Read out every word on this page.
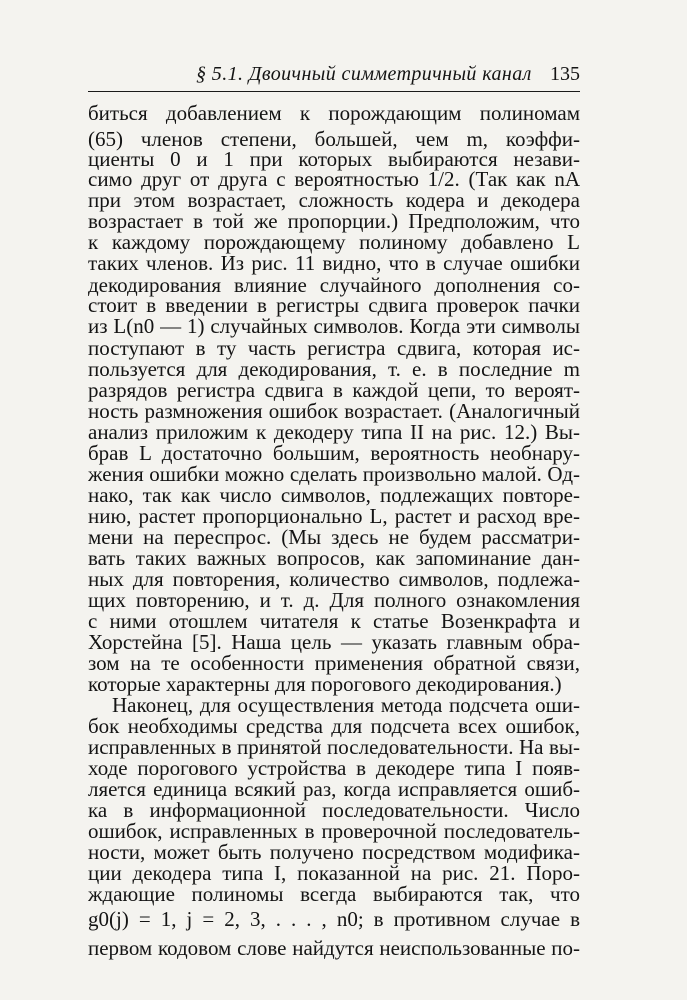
§ 5.1. Двоичный симметричный канал 135
биться добавлением к порождающим полиномам
(65) членов степени, большей, чем m, коэффи-
циенты 0 и 1 при которых выбираются незави-
симо друг от друга с вероятностью 1/2. (Так как nA
при этом возрастает, сложность кодера и декодера
возрастает в той же пропорции.) Предположим, что
к каждому порождающему полиному добавлено L
таких членов. Из рис. 11 видно, что в случае ошибки
декодирования влияние случайного дополнения со-
стоит в введении в регистры сдвига проверок пачки
из L(n0 — 1) случайных символов. Когда эти символы
поступают в ту часть регистра сдвига, которая ис-
пользуется для декодирования, т. е. в последние m
разрядов регистра сдвига в каждой цепи, то вероят-
ность размножения ошибок возрастает. (Аналогичный
анализ приложим к декодеру типа II на рис. 12.) Вы-
брав L достаточно большим, вероятность необнару-
жения ошибки можно сделать произвольно малой. Од-
нако, так как число символов, подлежащих повторе-
нию, растет пропорционально L, растет и расход вре-
мени на переспрос. (Мы здесь не будем рассматри-
вать таких важных вопросов, как запоминание дан-
ных для повторения, количество символов, подлежа-
щих повторению, и т. д. Для полного ознакомления
с ними отошлем читателя к статье Возенкрафта и
Хорстейна [5]. Наша цель — указать главным обра-
зом на те особенности применения обратной связи,
которые характерны для порогового декодирования.)
Наконец, для осуществления метода подсчета оши-
бок необходимы средства для подсчета всех ошибок,
исправленных в принятой последовательности. На вы-
ходе порогового устройства в декодере типа I появ-
ляется единица всякий раз, когда исправляется ошиб-
ка в информационной последовательности. Число
ошибок, исправленных в проверочной последователь-
ности, может быть получено посредством модифика-
ции декодера типа I, показанной на рис. 21. Поро-
ждающие полиномы всегда выбираются так, что
g0(j) = 1, j = 2, 3, . . . , n0; в противном случае в
первом кодовом слове найдутся неиспользованные по-
